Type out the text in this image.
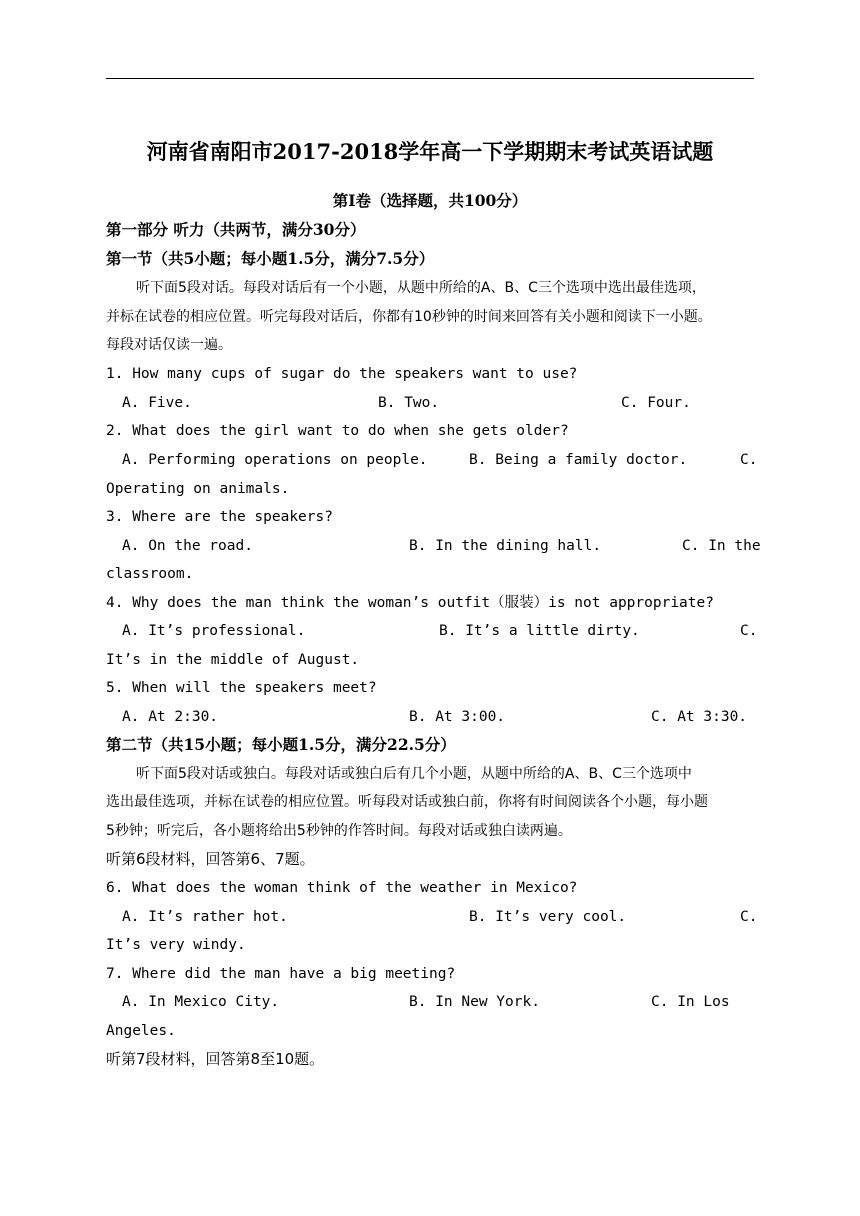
河南省南阳市2017-2018学年高一下学期期末考试英语试题
第I卷（选择题，共100分）
第一部分 听力（共两节，满分30分）
第一节（共5小题；每小题1.5分，满分7.5分）
听下面5段对话。每段对话后有一个小题，从题中所给的A、B、C三个选项中选出最佳选项，
并标在试卷的相应位置。听完每段对话后，你都有10秒钟的时间来回答有关小题和阅读下一小题。
每段对话仅读一遍。
1. How many cups of sugar do the speakers want to use?
A. Five.	B. Two.	C. Four.
2. What does the girl want to do when she gets older?
A. Performing operations on people.	B. Being a family doctor.	C.
Operating on animals.
3. Where are the speakers?
A. On the road.	B. In the dining hall.	C. In the
classroom.
4. Why does the man think the woman’s outfit（服装）is not appropriate?
A. It’s professional.	B. It’s a little dirty.	C.
It’s in the middle of August.
5. When will the speakers meet?
A. At 2:30.	B. At 3:00.	C. At 3:30.
第二节（共15小题；每小题1.5分，满分22.5分）
听下面5段对话或独白。每段对话或独白后有几个小题，从题中所给的A、B、C三个选项中
选出最佳选项，并标在试卷的相应位置。听每段对话或独白前，你将有时间阅读各个小题，每小题
5秒钟；听完后，各小题将给出5秒钟的作答时间。每段对话或独白读两遍。
听第6段材料，回答第6、7题。
6. What does the woman think of the weather in Mexico?
A. It’s rather hot.	B. It’s very cool.	C.
It’s very windy.
7. Where did the man have a big meeting?
A. In Mexico City.	B. In New York.	C. In Los
Angeles.
听第7段材料，回答第8至10题。
